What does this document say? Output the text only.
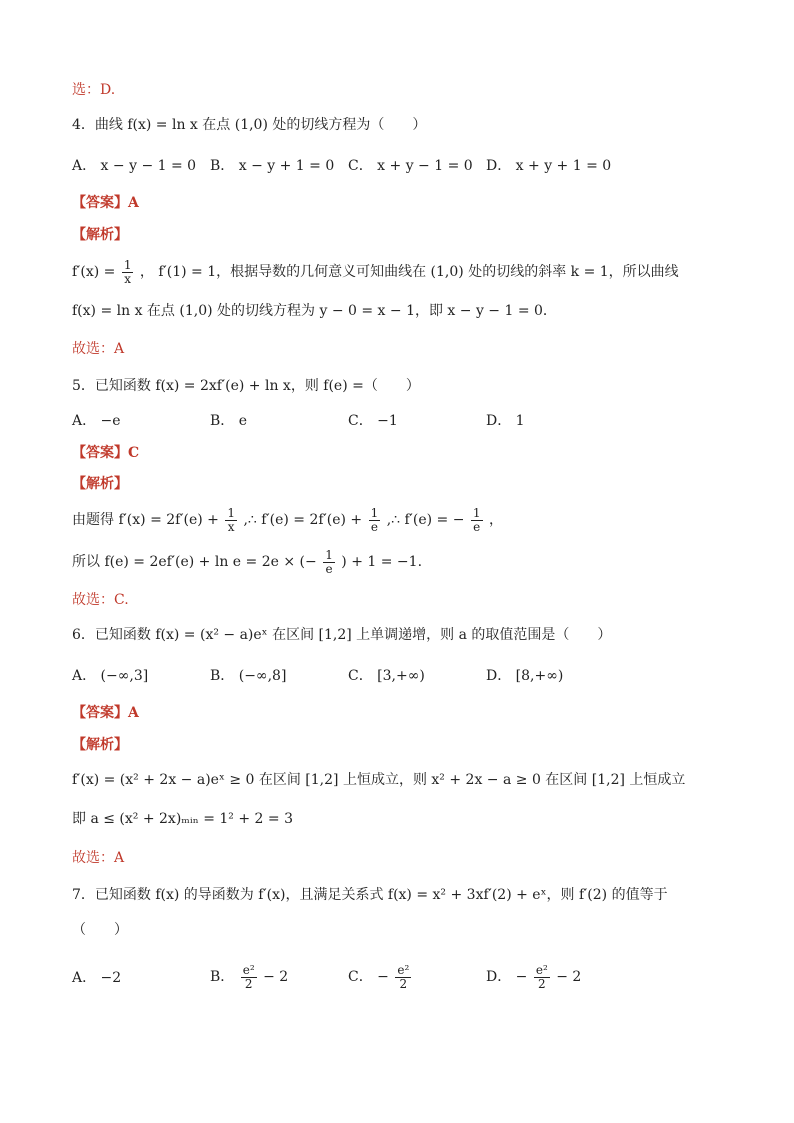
选：D.
4．曲线 f(x) = ln x 在点 (1,0) 处的切线方程为（　　）
A． x − y − 1 = 0 B． x − y + 1 = 0 C． x + y − 1 = 0 D． x + y + 1 = 0
【答案】A
【解析】
$f'(x) = \frac{1}{x}$ ， f′(1) = 1，根据导数的几何意义可知曲线在 (1,0) 处的切线的斜率 k = 1，所以曲线
f(x) = ln x 在点 (1,0) 处的切线方程为 y − 0 = x − 1，即 x − y − 1 = 0．
故选：A
5．已知函数 f(x) = 2xf′(e) + ln x，则 f(e) =（　　）
A． −e	B． e	C． −1	D． 1
【答案】C
【解析】
由题得 $f'(x) = 2f'(e) + \frac{1}{x}$ ,∴ $f'(e) = 2f'(e) + \frac{1}{e}$ ,∴ f′(e) = − $\frac{1}{e}$ ，
所以 f(e) = 2ef′(e) + ln e = 2e × (− $\frac{1}{e}$ ) + 1 = −1.
故选：C.
6．已知函数 f(x) = (x² − a)eˣ 在区间 [1,2] 上单调递增，则 a 的取值范围是（　　）
A． (−∞,3]	B． (−∞,8]	C． [3,+∞)	D． [8,+∞)
【答案】A
【解析】
f′(x) = (x² + 2x − a)eˣ ≥ 0 在区间 [1,2] 上恒成立，则 x² + 2x − a ≥ 0 在区间 [1,2] 上恒成立
即 a ≤ (x² + 2x)ₘᵢₙ = 1² + 2 = 3
故选：A
7．已知函数 f(x) 的导函数为 f′(x)，且满足关系式 f(x) = x² + 3xf′(2) + eˣ，则 f′(2) 的值等于
（　　）
A． −2	B． $\frac{\text{e²}}{2} - 2$	C． − $\frac{\text{e²}}{2}$	D． − $\frac{\text{e²}}{2} - 2$
